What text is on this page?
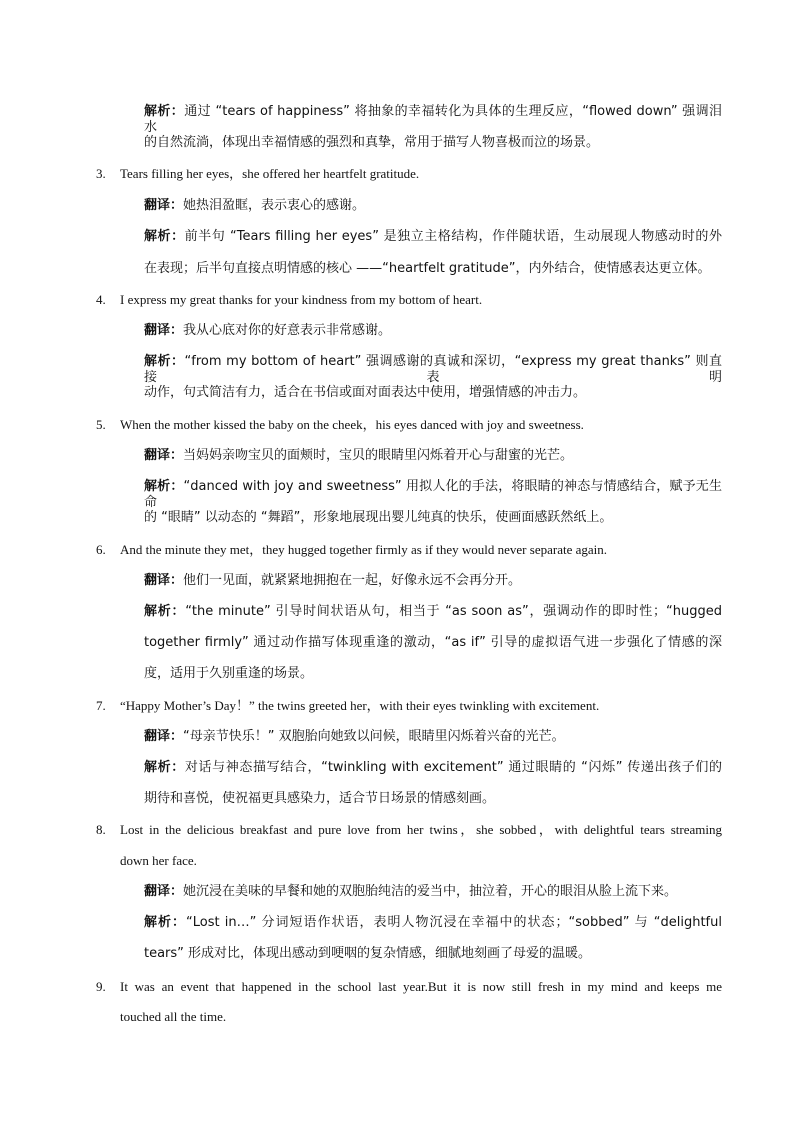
解析：通过 “tears of happiness” 将抽象的幸福转化为具体的生理反应，“flowed down” 强调泪水
的自然流淌，体现出幸福情感的强烈和真挚，常用于描写人物喜极而泣的场景。
3. Tears filling her eyes，she offered her heartfelt gratitude.
翻译：她热泪盈眶，表示衷心的感谢。
解析：前半句 “Tears filling her eyes” 是独立主格结构，作伴随状语，生动展现人物感动时的外
在表现；后半句直接点明情感的核心 ——“heartfelt gratitude”，内外结合，使情感表达更立体。
4. I express my great thanks for your kindness from my bottom of heart.
翻译：我从心底对你的好意表示非常感谢。
解析：“from my bottom of heart” 强调感谢的真诚和深切，“express my great thanks” 则直接表明
动作，句式简洁有力，适合在书信或面对面表达中使用，增强情感的冲击力。
5. When the mother kissed the baby on the cheek，his eyes danced with joy and sweetness.
翻译：当妈妈亲吻宝贝的面颊时，宝贝的眼睛里闪烁着开心与甜蜜的光芒。
解析：“danced with joy and sweetness” 用拟人化的手法，将眼睛的神态与情感结合，赋予无生命
的 “眼睛” 以动态的 “舞蹈”，形象地展现出婴儿纯真的快乐，使画面感跃然纸上。
6. And the minute they met，they hugged together firmly as if they would never separate again.
翻译：他们一见面，就紧紧地拥抱在一起，好像永远不会再分开。
解析：“the minute” 引导时间状语从句，相当于 “as soon as”，强调动作的即时性；“hugged
together firmly” 通过动作描写体现重逢的激动，“as if” 引导的虚拟语气进一步强化了情感的深
度，适用于久别重逢的场景。
7. “Happy Mother’s Day！” the twins greeted her，with their eyes twinkling with excitement.
翻译：“母亲节快乐！” 双胞胎向她致以问候，眼睛里闪烁着兴奋的光芒。
解析：对话与神态描写结合，“twinkling with excitement” 通过眼睛的 “闪烁” 传递出孩子们的
期待和喜悦，使祝福更具感染力，适合节日场景的情感刻画。
8. Lost in the delicious breakfast and pure love from her twins，she sobbed，with delightful tears streaming
down her face.
翻译：她沉浸在美味的早餐和她的双胞胎纯洁的爱当中，抽泣着，开心的眼泪从脸上流下来。
解析：“Lost in…” 分词短语作状语，表明人物沉浸在幸福中的状态；“sobbed” 与 “delightful
tears” 形成对比，体现出感动到哽咽的复杂情感，细腻地刻画了母爱的温暖。
9. It was an event that happened in the school last year.But it is now still fresh in my mind and keeps me
touched all the time.
